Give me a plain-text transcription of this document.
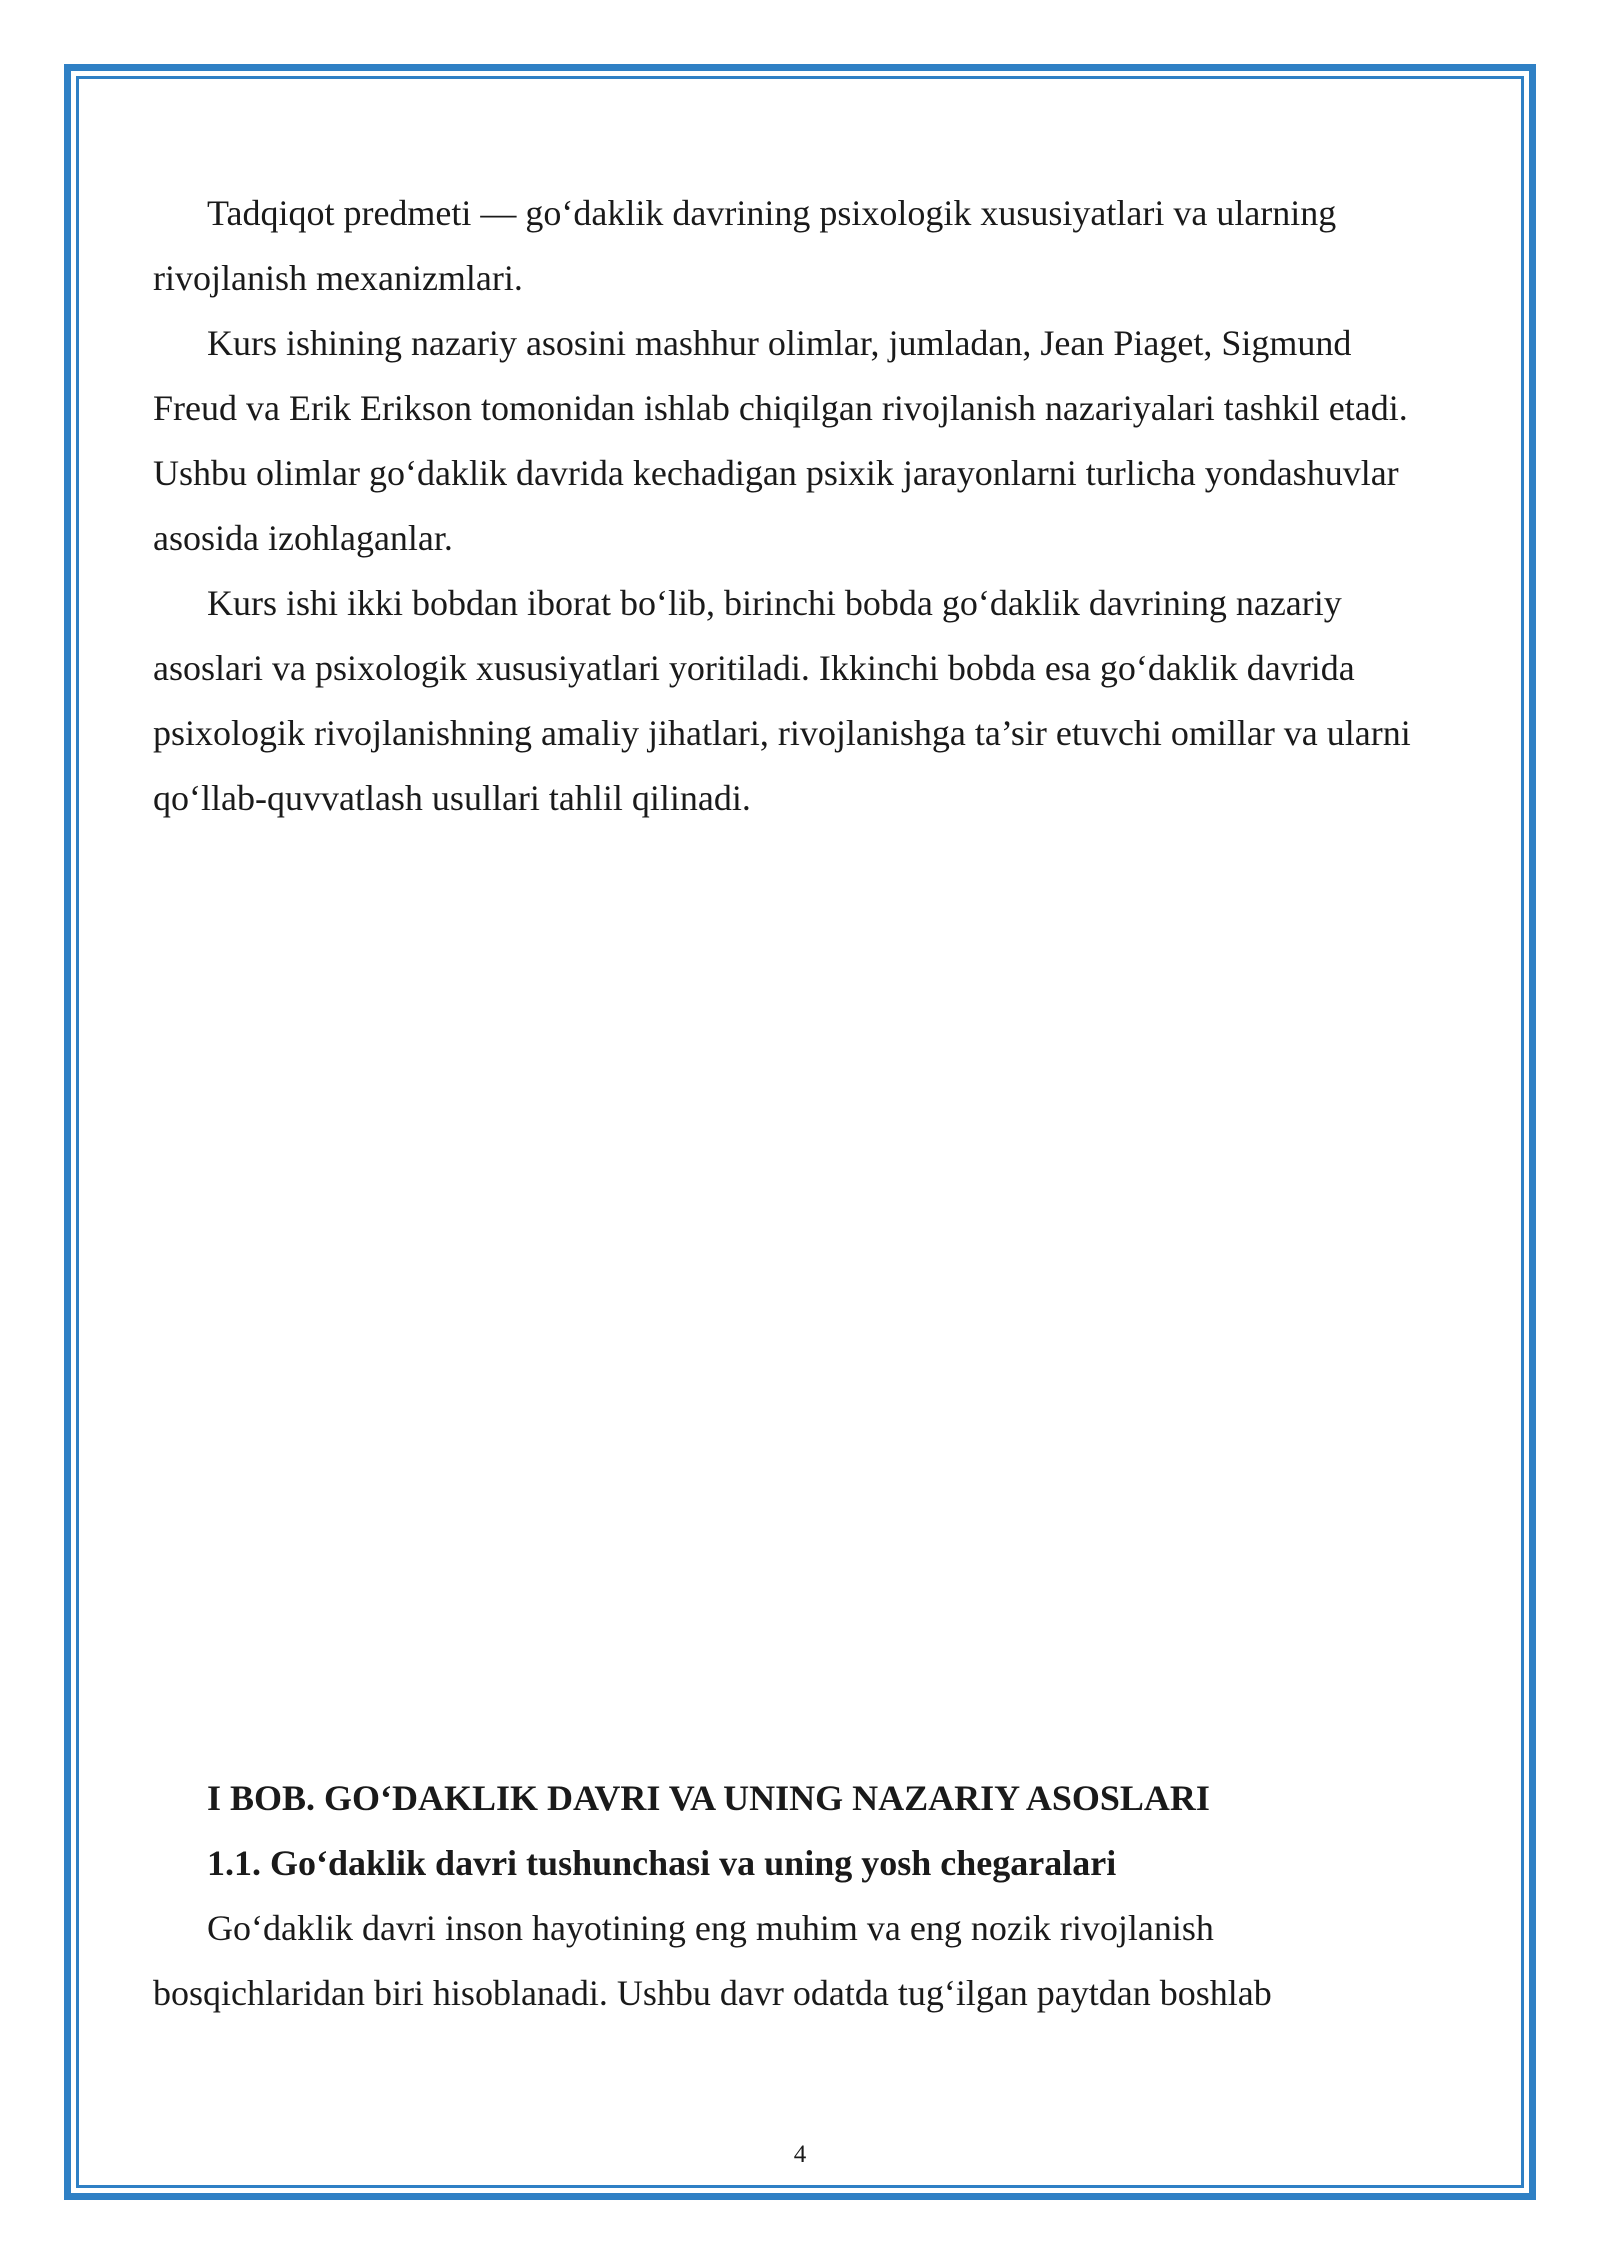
Tadqiqot predmeti — go‘daklik davrining psixologik xususiyatlari va ularning rivojlanish mexanizmlari.

Kurs ishining nazariy asosini mashhur olimlar, jumladan, Jean Piaget, Sigmund Freud va Erik Erikson tomonidan ishlab chiqilgan rivojlanish nazariyalari tashkil etadi. Ushbu olimlar go‘daklik davrida kechadigan psixik jarayonlarni turlicha yondashuvlar asosida izohlaganlar.

Kurs ishi ikki bobdan iborat bo‘lib, birinchi bobda go‘daklik davrining nazariy asoslari va psixologik xususiyatlari yoritiladi. Ikkinchi bobda esa go‘daklik davrida psixologik rivojlanishning amaliy jihatlari, rivojlanishga ta’sir etuvchi omillar va ularni qo‘llab-quvvatlash usullari tahlil qilinadi.

I BOB. GO‘DAKLIK DAVRI VA UNING NAZARIY ASOSLARI

1.1. Go‘daklik davri tushunchasi va uning yosh chegaralari

Go‘daklik davri inson hayotining eng muhim va eng nozik rivojlanish bosqichlaridan biri hisoblanadi. Ushbu davr odatda tug‘ilgan paytdan boshlab

4
